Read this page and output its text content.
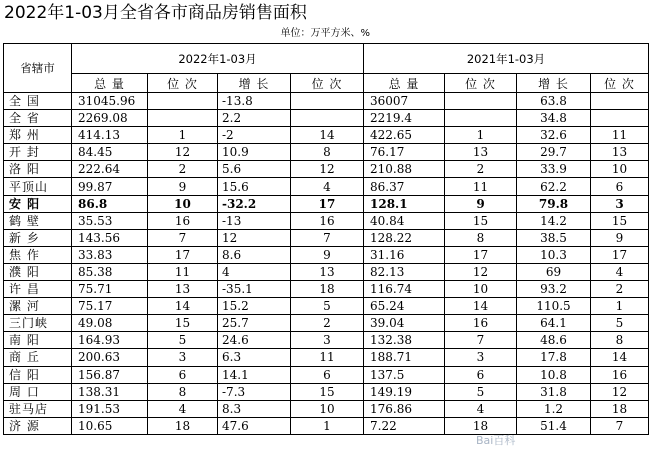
2022年1-03月全省各市商品房销售面积
单位：万平方米、%
省辖市	2022年1-03月				2021年1-03月			
	总 量	位 次	增 长	位 次	总 量	位 次	增 长	位 次
全 国	31045.96		-13.8		36007		63.8	
全 省	2269.08		2.2		2219.4		34.8	
郑 州	414.13	1	-2	14	422.65	1	32.6	11
开 封	84.45	12	10.9	8	76.17	13	29.7	13
洛 阳	222.64	2	5.6	12	210.88	2	33.9	10
平顶山	99.87	9	15.6	4	86.37	11	62.2	6
安 阳	86.8	10	-32.2	17	128.1	9	79.8	3
鹤 壁	35.53	16	-13	16	40.84	15	14.2	15
新 乡	143.56	7	12	7	128.22	8	38.5	9
焦 作	33.83	17	8.6	9	31.16	17	10.3	17
濮 阳	85.38	11	4	13	82.13	12	69	4
许 昌	75.71	13	-35.1	18	116.74	10	93.2	2
漯 河	75.17	14	15.2	5	65.24	14	110.5	1
三门峡	49.08	15	25.7	2	39.04	16	64.1	5
南 阳	164.93	5	24.6	3	132.38	7	48.6	8
商 丘	200.63	3	6.3	11	188.71	3	17.8	14
信 阳	156.87	6	14.1	6	137.5	6	10.8	16
周 口	138.31	8	-7.3	15	149.19	5	31.8	12
驻马店	191.53	4	8.3	10	176.86	4	1.2	18
济 源	10.65	18	47.6	1	7.22	18	51.4	7
Bai百科
